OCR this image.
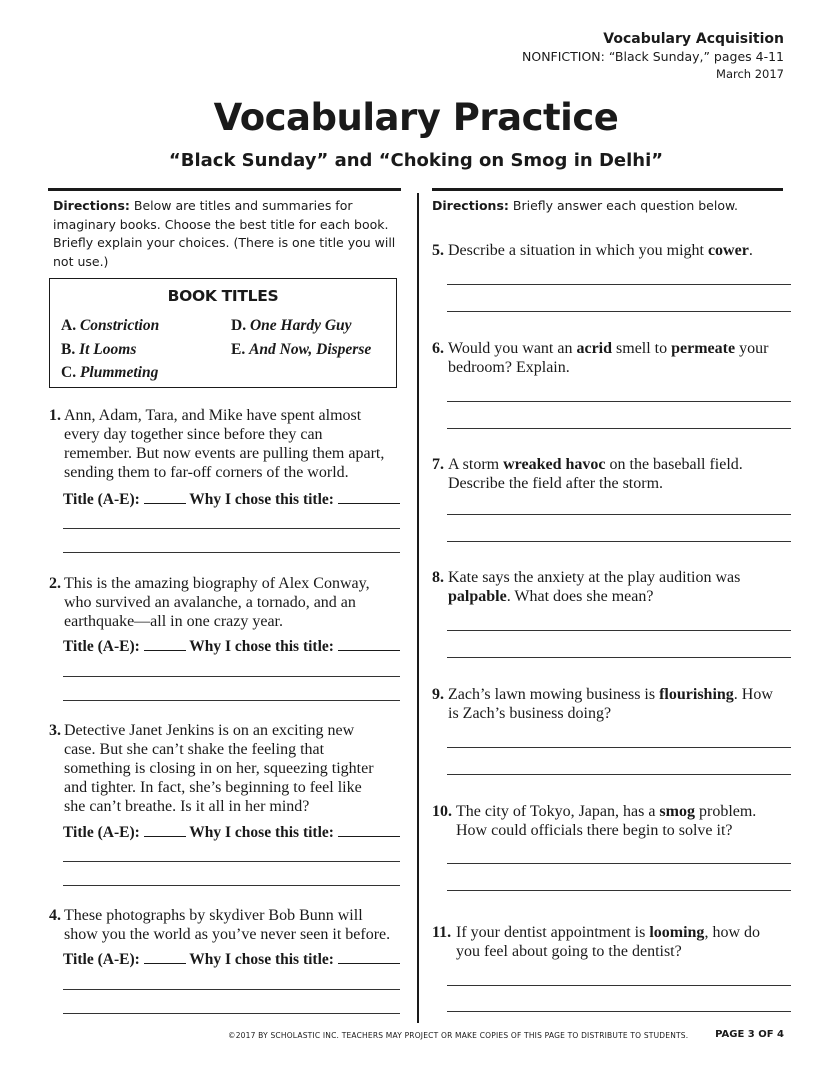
Vocabulary Acquisition
NONFICTION: “Black Sunday,” pages 4-11
March 2017
Vocabulary Practice
“Black Sunday” and “Choking on Smog in Delhi”
Directions: Below are titles and summaries for
imaginary books. Choose the best title for each book.
Briefly explain your choices. (There is one title you will
not use.)
BOOK TITLES
A. Constriction
B. It Looms
C. Plummeting
D. One Hardy Guy
E. And Now, Disperse
1. Ann, Adam, Tara, and Mike have spent almost
every day together since before they can
remember. But now events are pulling them apart,
sending them to far-off corners of the world.
Title (A-E):	Why I chose this title:
2. This is the amazing biography of Alex Conway,
who survived an avalanche, a tornado, and an
earthquake—all in one crazy year.
Title (A-E):	Why I chose this title:
3. Detective Janet Jenkins is on an exciting new
case. But she can’t shake the feeling that
something is closing in on her, squeezing tighter
and tighter. In fact, she’s beginning to feel like
she can’t breathe. Is it all in her mind?
Title (A-E):	Why I chose this title:
4. These photographs by skydiver Bob Bunn will
show you the world as you’ve never seen it before.
Title (A-E):	Why I chose this title:
Directions: Briefly answer each question below.
5. Describe a situation in which you might cower.
6. Would you want an acrid smell to permeate your
bedroom? Explain.
7. A storm wreaked havoc on the baseball field.
Describe the field after the storm.
8. Kate says the anxiety at the play audition was
palpable. What does she mean?
9. Zach’s lawn mowing business is flourishing. How
is Zach’s business doing?
10. The city of Tokyo, Japan, has a smog problem.
How could officials there begin to solve it?
11. If your dentist appointment is looming, how do
you feel about going to the dentist?
©2017 BY SCHOLASTIC INC. TEACHERS MAY PROJECT OR MAKE COPIES OF THIS PAGE TO DISTRIBUTE TO STUDENTS.	PAGE 3 OF 4
